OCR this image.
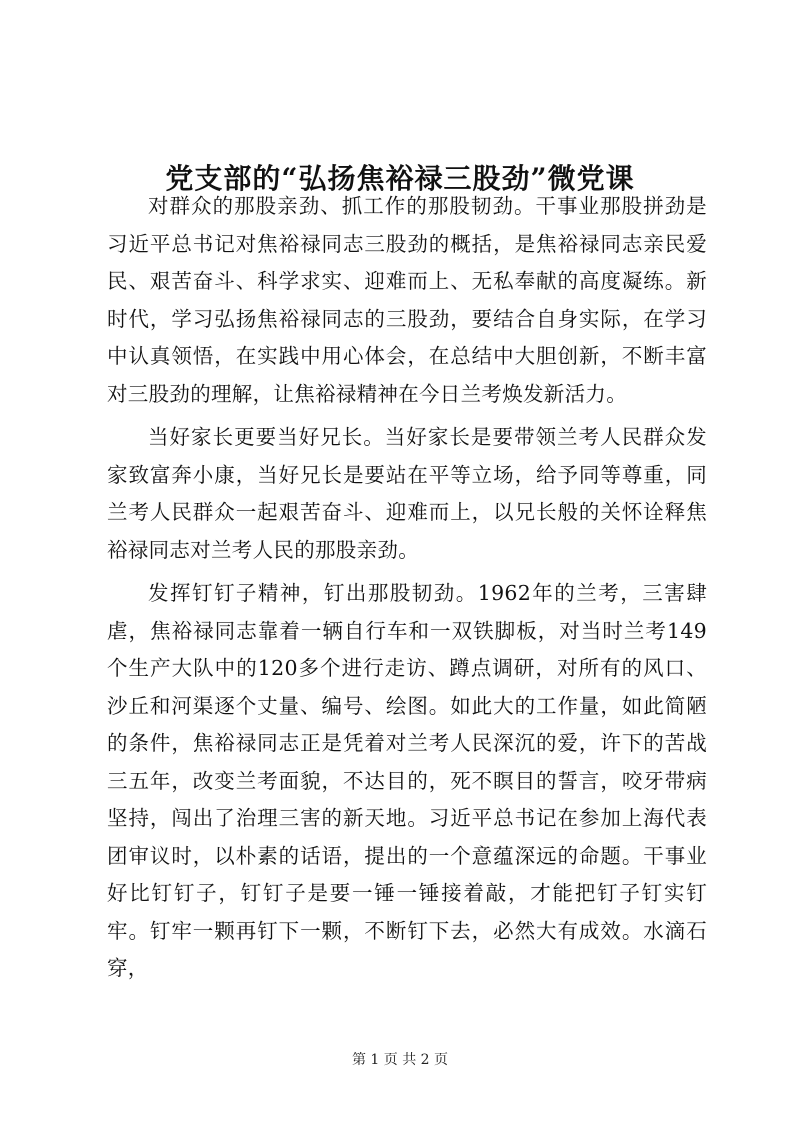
党支部的“弘扬焦裕禄三股劲”微党课

对群众的那股亲劲、抓工作的那股韧劲。干事业那股拼劲是习近平总书记对焦裕禄同志三股劲的概括，是焦裕禄同志亲民爱民、艰苦奋斗、科学求实、迎难而上、无私奉献的高度凝练。新时代，学习弘扬焦裕禄同志的三股劲，要结合自身实际，在学习中认真领悟，在实践中用心体会，在总结中大胆创新，不断丰富对三股劲的理解，让焦裕禄精神在今日兰考焕发新活力。

当好家长更要当好兄长。当好家长是要带领兰考人民群众发家致富奔小康，当好兄长是要站在平等立场，给予同等尊重，同兰考人民群众一起艰苦奋斗、迎难而上，以兄长般的关怀诠释焦裕禄同志对兰考人民的那股亲劲。

发挥钉钉子精神，钉出那股韧劲。1962年的兰考，三害肆虐，焦裕禄同志靠着一辆自行车和一双铁脚板，对当时兰考149个生产大队中的120多个进行走访、蹲点调研，对所有的风口、沙丘和河渠逐个丈量、编号、绘图。如此大的工作量，如此简陋的条件，焦裕禄同志正是凭着对兰考人民深沉的爱，许下的苦战三五年，改变兰考面貌，不达目的，死不瞑目的誓言，咬牙带病坚持，闯出了治理三害的新天地。习近平总书记在参加上海代表团审议时，以朴素的话语，提出的一个意蕴深远的命题。干事业好比钉钉子，钉钉子是要一锤一锤接着敲，才能把钉子钉实钉牢。钉牢一颗再钉下一颗，不断钉下去，必然大有成效。水滴石穿，

第 1 页 共 2 页
